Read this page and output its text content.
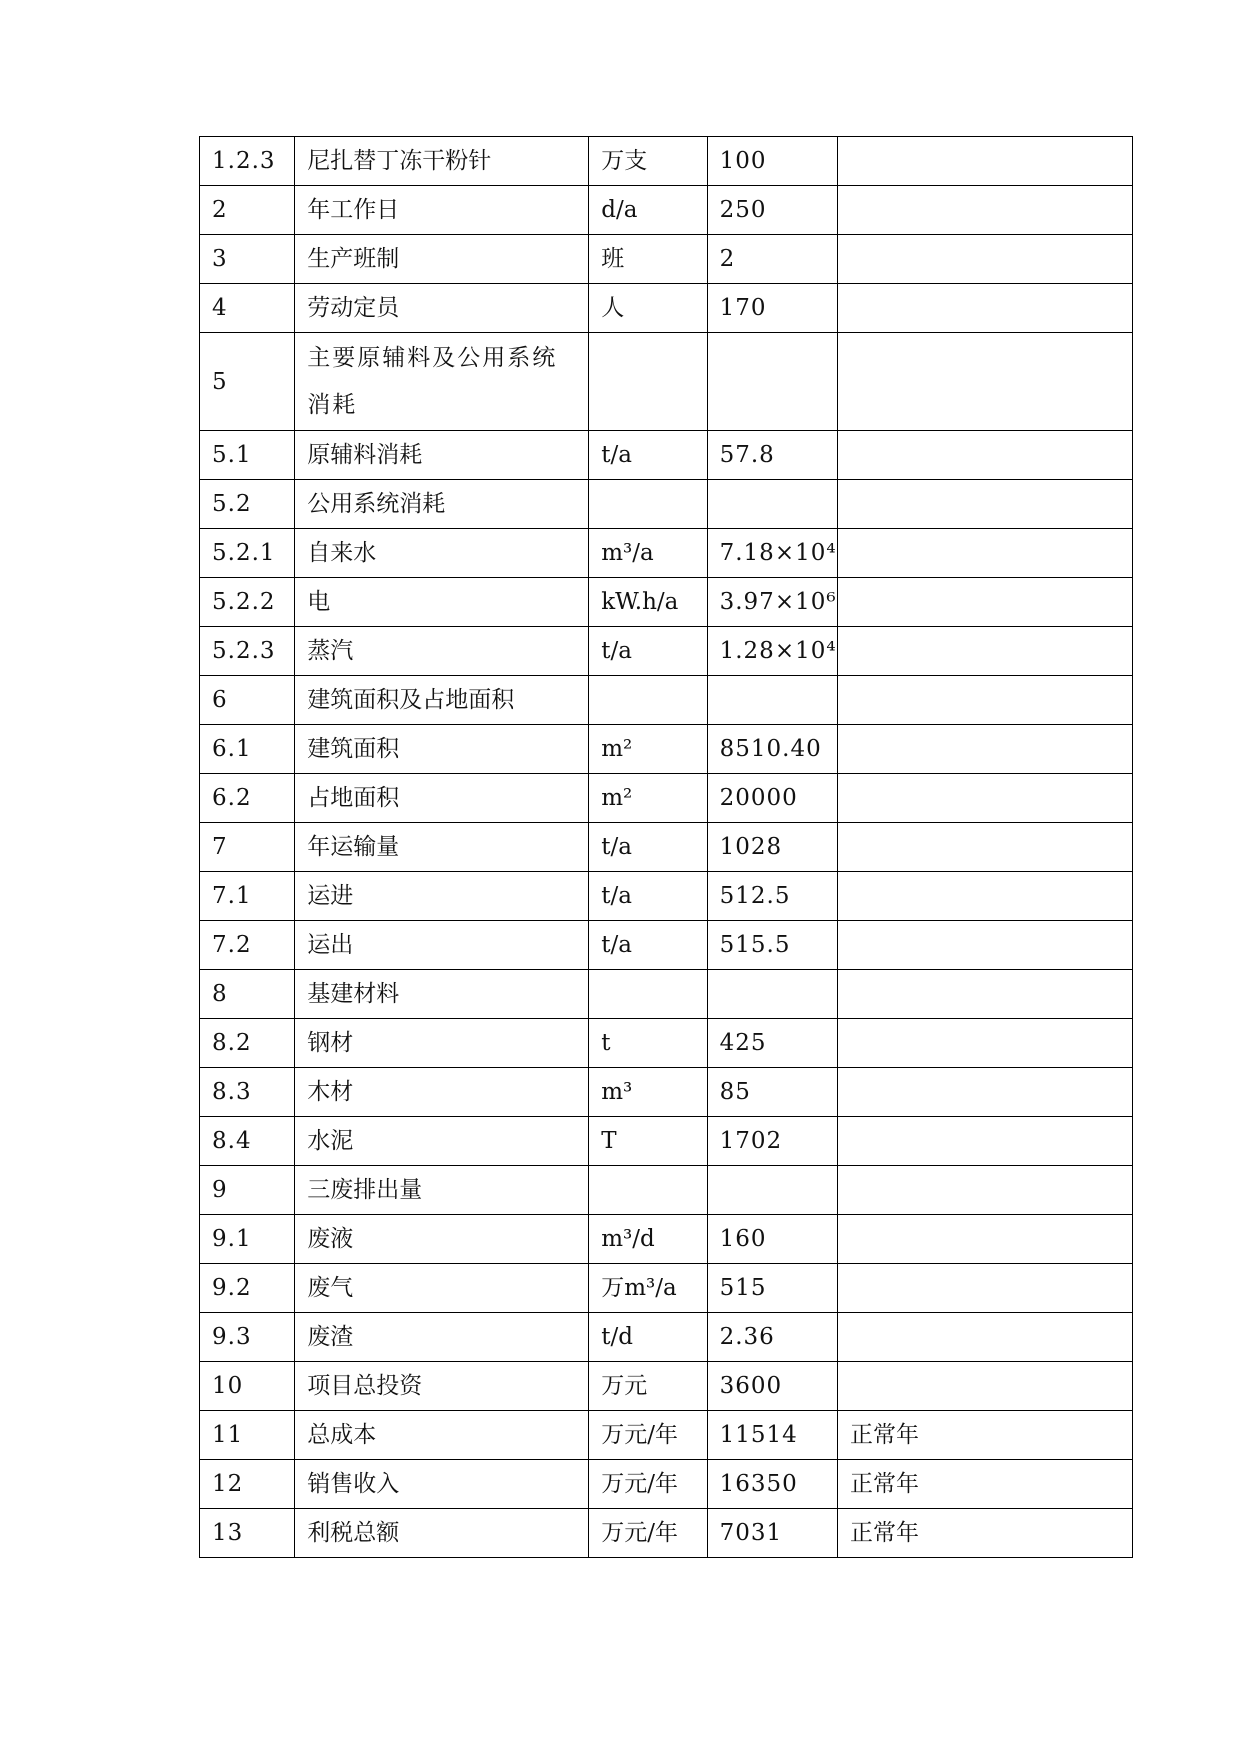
1.2.3	尼扎替丁冻干粉针	万支	100	
2	年工作日	d/a	250	
3	生产班制	班	2	
4	劳动定员	人	170	
5	主要原辅料及公用系统消耗			
5.1	原辅料消耗	t/a	57.8	
5.2	公用系统消耗			
5.2.1	自来水	m³/a	7.18×10⁴	
5.2.2	电	kW.h/a	3.97×10⁶	
5.2.3	蒸汽	t/a	1.28×10⁴	
6	建筑面积及占地面积			
6.1	建筑面积	m²	8510.40	
6.2	占地面积	m²	20000	
7	年运输量	t/a	1028	
7.1	运进	t/a	512.5	
7.2	运出	t/a	515.5	
8	基建材料			
8.2	钢材	t	425	
8.3	木材	m³	85	
8.4	水泥	T	1702	
9	三废排出量			
9.1	废液	m³/d	160	
9.2	废气	万m³/a	515	
9.3	废渣	t/d	2.36	
10	项目总投资	万元	3600	
11	总成本	万元/年	11514	正常年
12	销售收入	万元/年	16350	正常年
13	利税总额	万元/年	7031	正常年
